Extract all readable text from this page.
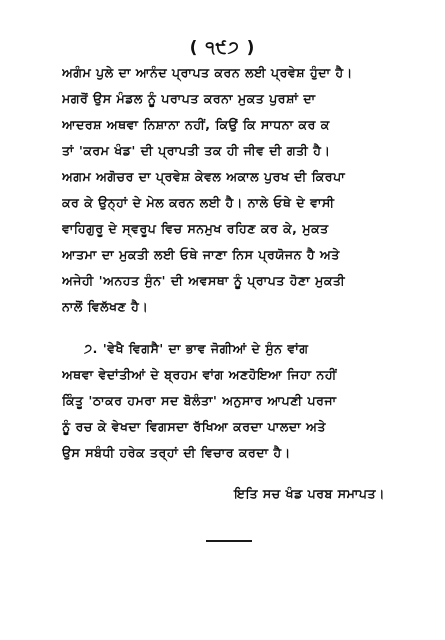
( ੧੯੭ )
ਅਗੰਮ ਪੁਲੇ ਦਾ ਆਨੰਦ ਪ੍ਰਾਪਤ ਕਰਨ ਲਈ ਪ੍ਰਵੇਸ਼ ਹੁੰਦਾ ਹੈ।
ਮਗਰੋਂ ਉਸ ਮੰਡਲ ਨੂੰ ਪਰਾਪਤ ਕਰਨਾ ਮੁਕਤ ਪੁਰਸ਼ਾਂ ਦਾ
ਆਦਰਸ਼ ਅਥਵਾ ਨਿਸ਼ਾਨਾ ਨਹੀਂ, ਕਿਉਂ ਕਿ ਸਾਧਨਾ ਕਰ ਕ
ਤਾਂ 'ਕਰਮ ਖੰਡ' ਦੀ ਪ੍ਰਾਪਤੀ ਤਕ ਹੀ ਜੀਵ ਦੀ ਗਤੀ ਹੈ।
ਅਗਮ ਅਗੋਚਰ ਦਾ ਪ੍ਰਵੇਸ਼ ਕੇਵਲ ਅਕਾਲ ਪੁਰਖ ਦੀ ਕਿਰਪਾ
ਕਰ ਕੇ ਉਨ੍ਹਾਂ ਦੇ ਮੇਲ ਕਰਨ ਲਈ ਹੈ। ਨਾਲੇ ਓਥੇ ਦੇ ਵਾਸੀ
ਵਾਹਿਗੁਰੂ ਦੇ ਸ੍ਵਰੂਪ ਵਿਚ ਸਨਮੁਖ ਰਹਿਣ ਕਰ ਕੇ, ਮੁਕਤ
ਆਤਮਾ ਦਾ ਮੁਕਤੀ ਲਈ ਓਥੇ ਜਾਣਾ ਨਿਸ ਪ੍ਰਯੋਜਨ ਹੈ ਅਤੇ
ਅਜੇਹੀ 'ਅਨਹਤ ਸੁੰਨ' ਦੀ ਅਵਸਥਾ ਨੂੰ ਪ੍ਰਾਪਤ ਹੋਣਾ ਮੁਕਤੀ
ਨਾਲੋਂ ਵਿਲੱਖਣ ਹੈ।
੭. 'ਵੇਖੈ ਵਿਗਸੈ' ਦਾ ਭਾਵ ਜੋਗੀਆਂ ਦੇ ਸੁੰਨ ਵਾਂਗ
ਅਥਵਾ ਵੇਦਾਂਤੀਆਂ ਦੇ ਬ੍ਰਹਮ ਵਾਂਗ ਅਣਹੋਇਆ ਜਿਹਾ ਨਹੀਂ
ਕਿੰਤੂ 'ਠਾਕਰ ਹਮਰਾ ਸਦ ਬੋਲੰਤਾ' ਅਨੁਸਾਰ ਆਪਣੀ ਪਰਜਾ
ਨੂੰ ਰਚ ਕੇ ਵੇਖਦਾ ਵਿਗਸਦਾ ਰੱਖਿਆ ਕਰਦਾ ਪਾਲਦਾ ਅਤੇ
ਉਸ ਸਬੰਧੀ ਹਰੇਕ ਤਰ੍ਹਾਂ ਦੀ ਵਿਚਾਰ ਕਰਦਾ ਹੈ।
ਇਤਿ ਸਚ ਖੰਡ ਪਰਬ ਸਮਾਪਤ।
